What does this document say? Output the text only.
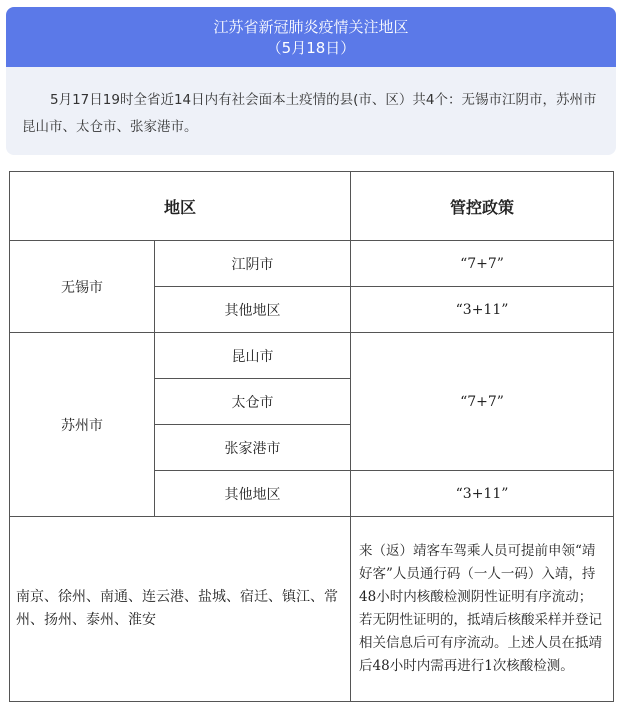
江苏省新冠肺炎疫情关注地区
（5月18日）
5月17日19时全省近14日内有社会面本土疫情的县(市、区）共4个：无锡市江阴市，苏州市昆山市、太仓市、张家港市。
地区		管控政策
无锡市	江阴市	“7+7”
	其他地区	“3+11”
苏州市	昆山市	“7+7”
	太仓市	
	张家港市	
	其他地区	“3+11”
南京、徐州、南通、连云港、盐城、宿迁、镇江、常州、扬州、泰州、淮安		来（返）靖客车驾乘人员可提前申领“靖好客”人员通行码（一人一码）入靖，持48小时内核酸检测阴性证明有序流动；若无阴性证明的，抵靖后核酸采样并登记相关信息后可有序流动。上述人员在抵靖后48小时内需再进行1次核酸检测。
